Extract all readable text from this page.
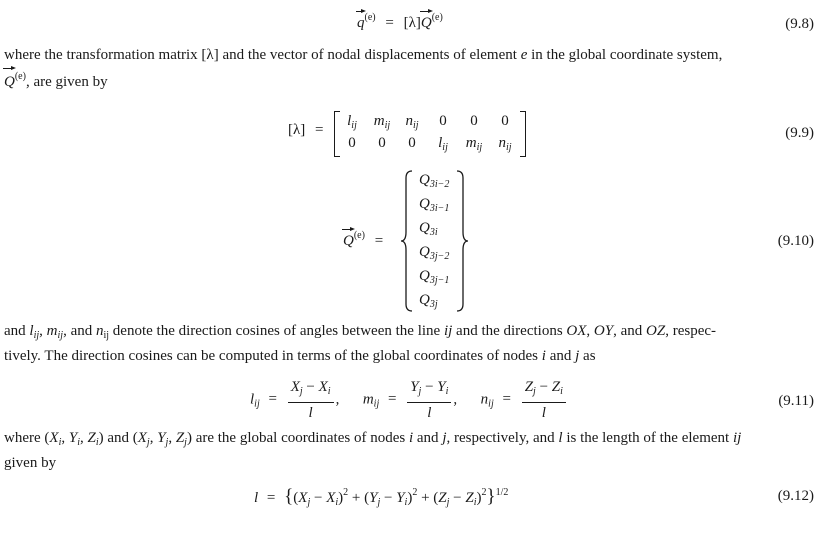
q
$^{(e)}$ = [λ]Q
$^{(e)}$	(9.8)
where the transformation matrix [λ] and the vector of nodal displacements of element e in the global coordinate system,
Q
$^{(e)}$, are given by
[λ] =
$l_{ij}$	$m_{ij}$	$n_{ij}$	0	0	0
0	0	0	$l_{ij}$	$m_{ij}$	$n_{ij}$
(9.9)
Q
$^{(e)}$ =
$Q_{3i-2}$
$Q_{3i-1}$
$Q_{3i}$
$Q_{3j-2}$
$Q_{3j-1}$
$Q_{3j}$
(9.10)
and $l_{ij}$, $m_{ij}$, and $n_{ij}$ denote the direction cosines of angles between the line ij and the directions OX, OY, and OZ, respec-
tively. The direction cosines can be computed in terms of the global coordinates of nodes i and j as
$l_{ij} = \frac{X_j - X_i}{l}$ , $m_{ij} = \frac{Y_j - Y_i}{l}$ , $n_{ij} = \frac{Z_j - Z_i}{l}$	(9.11)
where ($X_i$, $Y_i$, $Z_i$) and ($X_j$, $Y_j$, $Z_j$) are the global coordinates of nodes i and j, respectively, and l is the length of the element ij
given by
$l = \{(X_j - X_i)^2 + (Y_j - Y_i)^2 + (Z_j - Z_i)^2\}^{1/2}$	(9.12)
